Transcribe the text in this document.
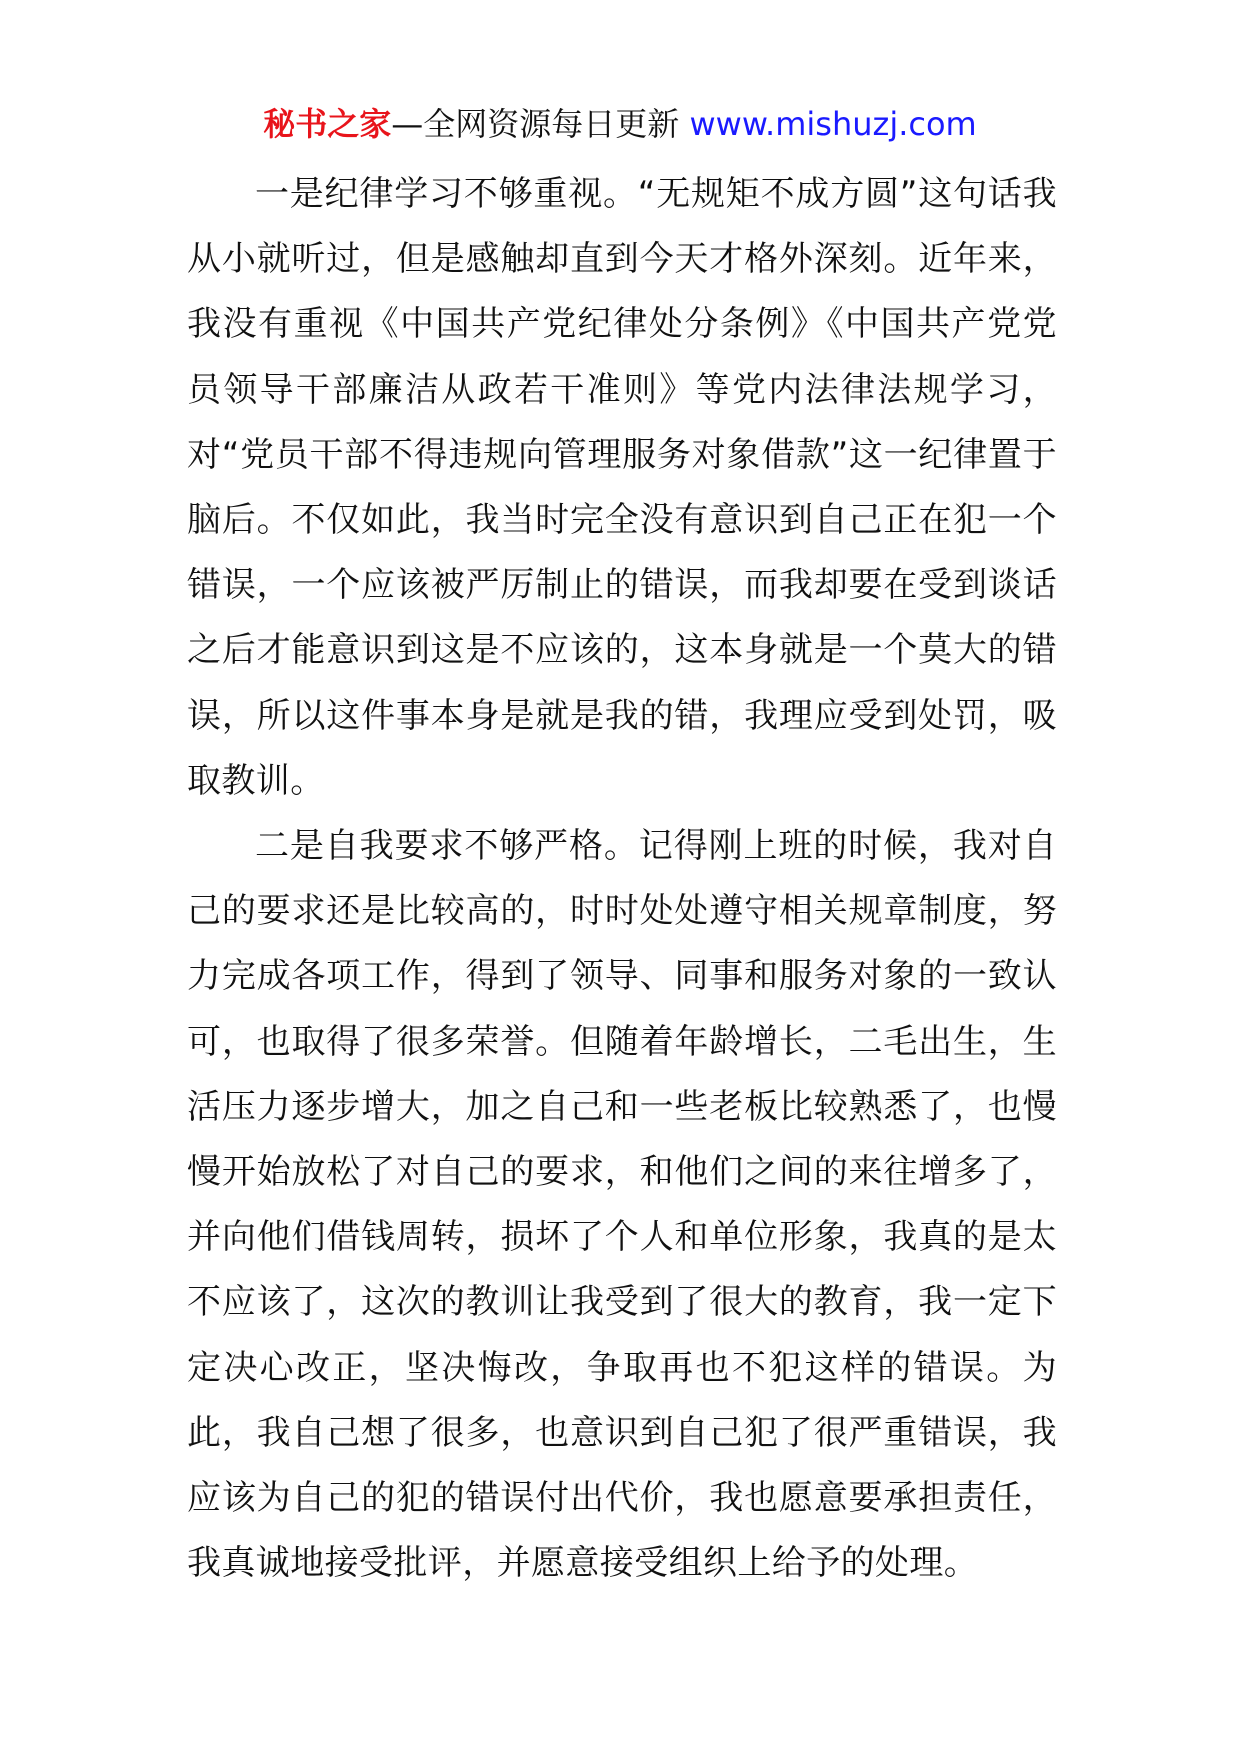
秘书之家—全网资源每日更新 www.mishuzj.com

一是纪律学习不够重视。“无规矩不成方圆”这句话我从小就听过，但是感触却直到今天才格外深刻。近年来，我没有重视《中国共产党纪律处分条例》《中国共产党党员领导干部廉洁从政若干准则》等党内法律法规学习，对“党员干部不得违规向管理服务对象借款”这一纪律置于脑后。不仅如此，我当时完全没有意识到自己正在犯一个错误，一个应该被严厉制止的错误，而我却要在受到谈话之后才能意识到这是不应该的，这本身就是一个莫大的错误，所以这件事本身是就是我的错，我理应受到处罚，吸取教训。

二是自我要求不够严格。记得刚上班的时候，我对自己的要求还是比较高的，时时处处遵守相关规章制度，努力完成各项工作，得到了领导、同事和服务对象的一致认可，也取得了很多荣誉。但随着年龄增长，二毛出生，生活压力逐步增大，加之自己和一些老板比较熟悉了，也慢慢开始放松了对自己的要求，和他们之间的来往增多了，并向他们借钱周转，损坏了个人和单位形象，我真的是太不应该了，这次的教训让我受到了很大的教育，我一定下定决心改正，坚决悔改，争取再也不犯这样的错误。为此，我自己想了很多，也意识到自己犯了很严重错误，我应该为自己的犯的错误付出代价，我也愿意要承担责任，我真诚地接受批评，并愿意接受组织上给予的处理。
